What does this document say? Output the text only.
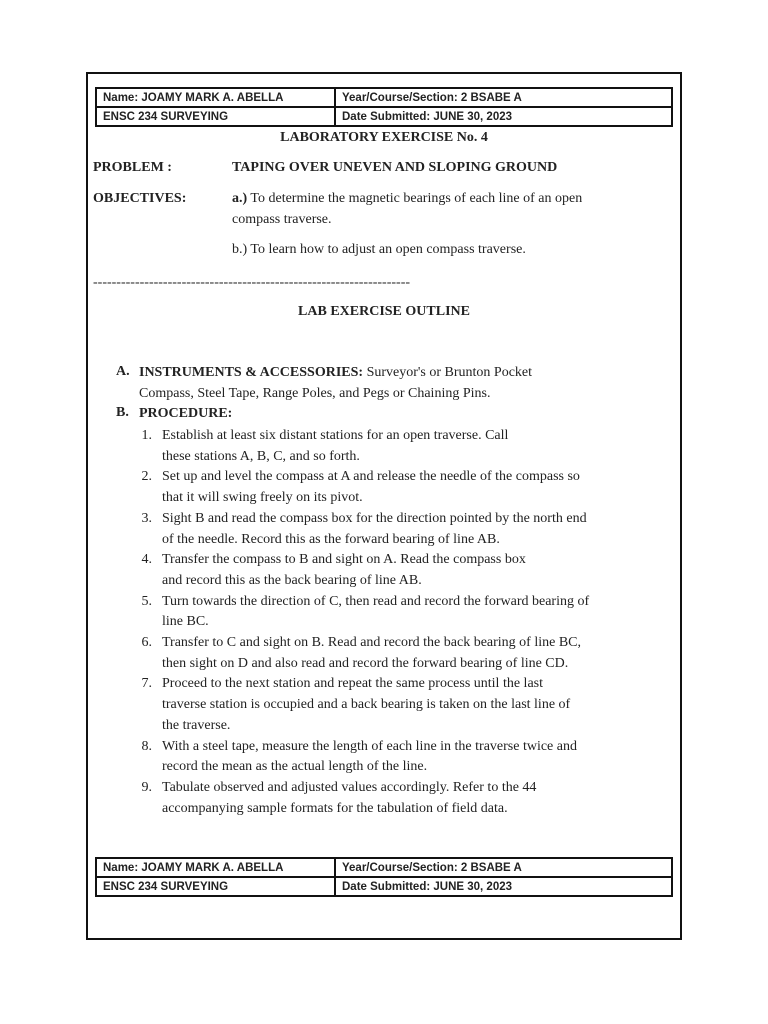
Name: JOAMY MARK A. ABELLA	Year/Course/Section: 2 BSABE A
ENSC 234 SURVEYING	Date Submitted: JUNE 30, 2023
LABORATORY EXERCISE No. 4
PROBLEM :	TAPING OVER UNEVEN AND SLOPING GROUND
OBJECTIVES:	a.) To determine the magnetic bearings of each line of an open
compass traverse.
b.) To learn how to adjust an open compass traverse.
--------------------------------------------------------------------
LAB EXERCISE OUTLINE
A. INSTRUMENTS & ACCESSORIES: Surveyor's or Brunton Pocket
Compass, Steel Tape, Range Poles, and Pegs or Chaining Pins.
B. PROCEDURE:
1. Establish at least six distant stations for an open traverse. Call
these stations A, B, C, and so forth.
2. Set up and level the compass at A and release the needle of the compass so
that it will swing freely on its pivot.
3. Sight B and read the compass box for the direction pointed by the north end
of the needle. Record this as the forward bearing of line AB.
4. Transfer the compass to B and sight on A. Read the compass box
and record this as the back bearing of line AB.
5. Turn towards the direction of C, then read and record the forward bearing of
line BC.
6. Transfer to C and sight on B. Read and record the back bearing of line BC,
then sight on D and also read and record the forward bearing of line CD.
7. Proceed to the next station and repeat the same process until the last
traverse station is occupied and a back bearing is taken on the last line of
the traverse.
8. With a steel tape, measure the length of each line in the traverse twice and
record the mean as the actual length of the line.
9. Tabulate observed and adjusted values accordingly. Refer to the 44
accompanying sample formats for the tabulation of field data.
Name: JOAMY MARK A. ABELLA	Year/Course/Section: 2 BSABE A
ENSC 234 SURVEYING	Date Submitted: JUNE 30, 2023
